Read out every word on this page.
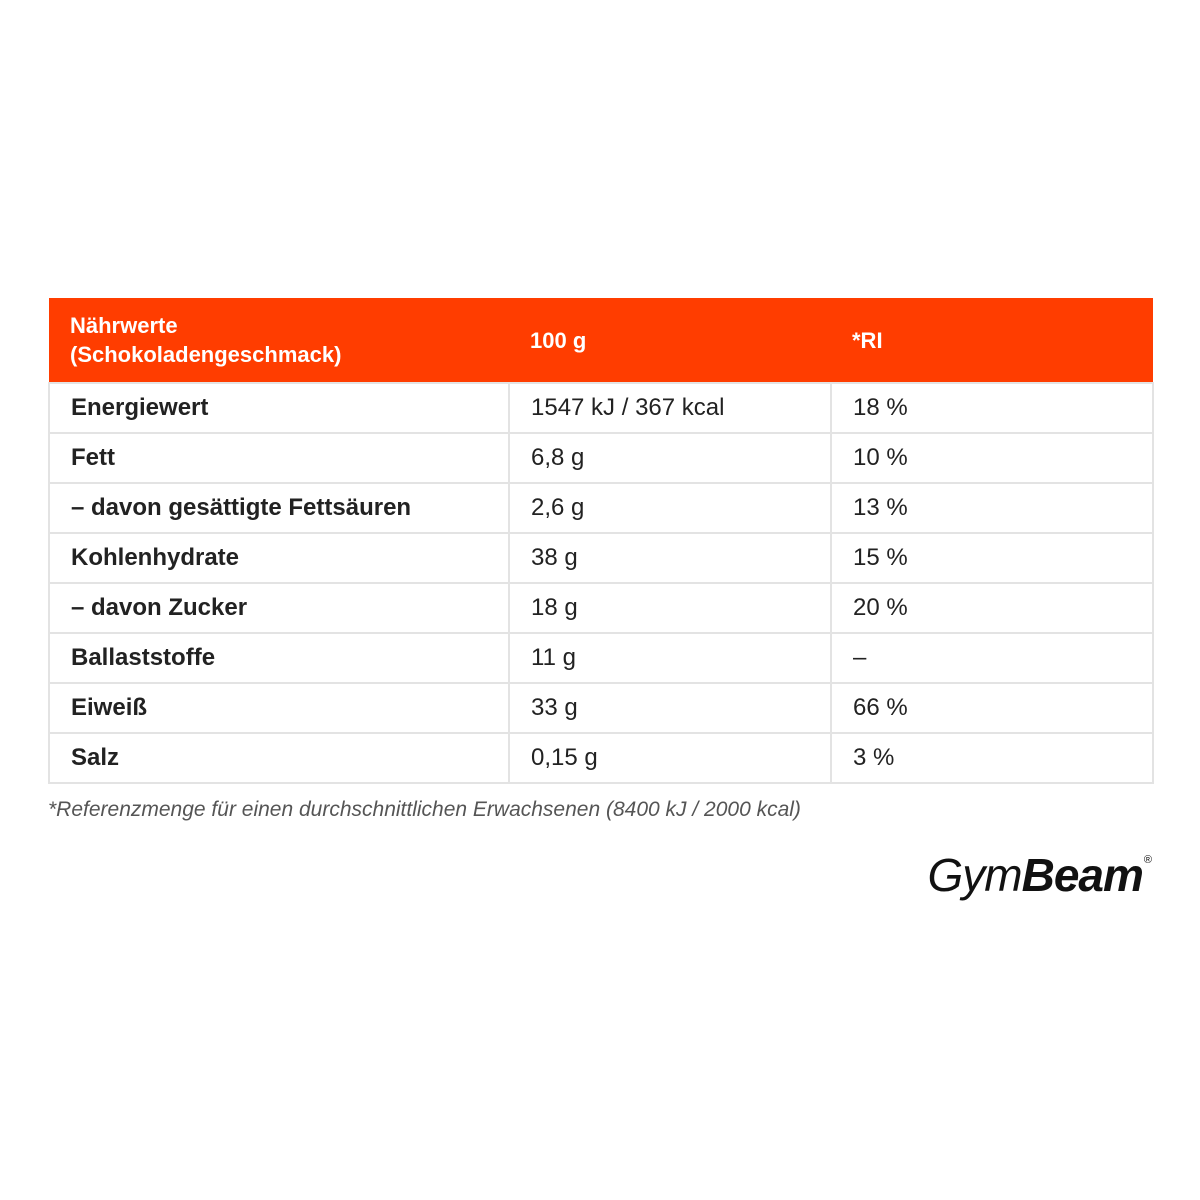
Nährwerte
(Schokoladengeschmack)	100 g	*RI
Energiewert	1547 kJ / 367 kcal	18 %
Fett	6,8 g	10 %
– davon gesättigte Fettsäuren	2,6 g	13 %
Kohlenhydrate	38 g	15 %
– davon Zucker	18 g	20 %
Ballaststoffe	11 g	–
Eiweiß	33 g	66 %
Salz	0,15 g	3 %

*Referenzmenge für einen durchschnittlichen Erwachsenen (8400 kJ / 2000 kcal)

Gym Beam ®
